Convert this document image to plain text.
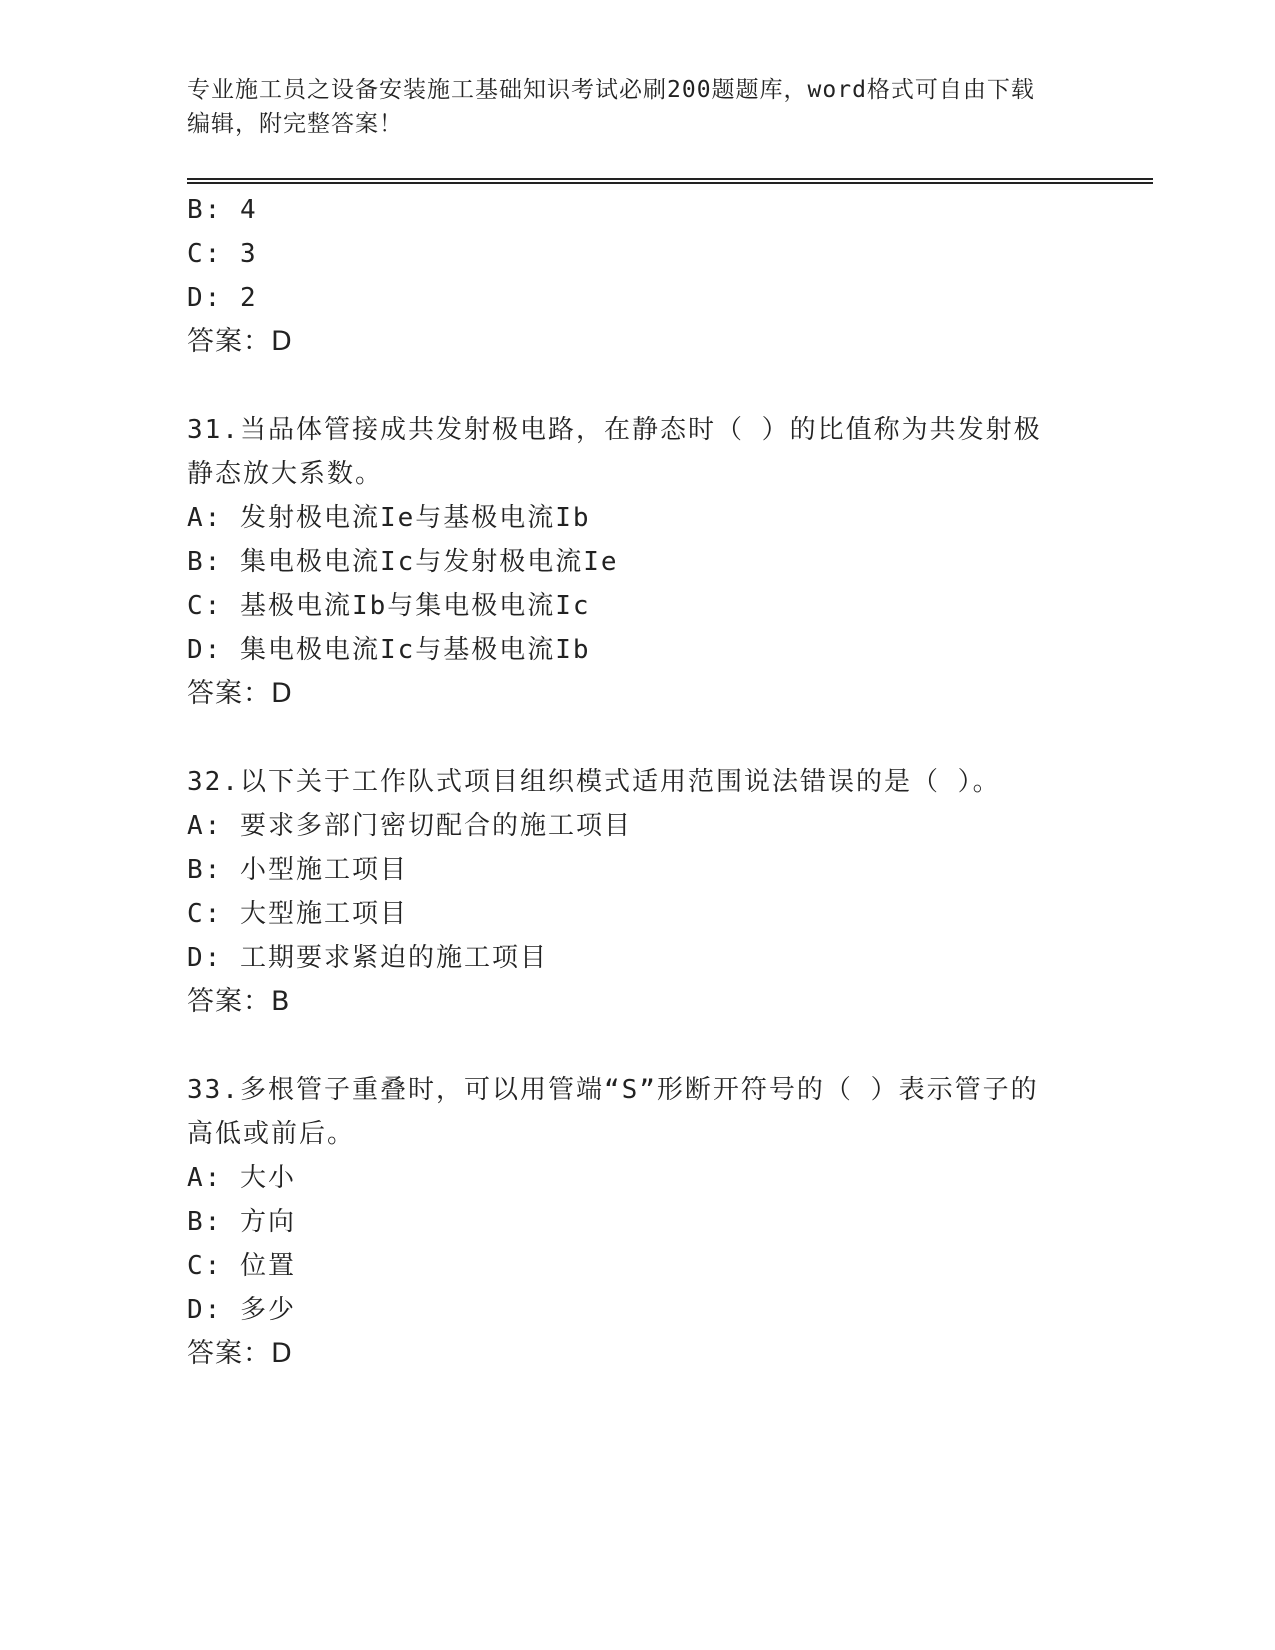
专业施工员之设备安装施工基础知识考试必刷200题题库，word格式可自由下载
编辑，附完整答案！
B: 4
C: 3
D: 2
答案：D
31.当品体管接成共发射极电路，在静态时（ ）的比值称为共发射极
静态放大系数。
A: 发射极电流Ie与基极电流Ib
B: 集电极电流Ic与发射极电流Ie
C: 基极电流Ib与集电极电流Ic
D: 集电极电流Ic与基极电流Ib
答案：D
32.以下关于工作队式项目组织模式适用范围说法错误的是（ ）。
A: 要求多部门密切配合的施工项目
B: 小型施工项目
C: 大型施工项目
D: 工期要求紧迫的施工项目
答案：B
33.多根管子重叠时，可以用管端“S”形断开符号的（ ）表示管子的
高低或前后。
A: 大小
B: 方向
C: 位置
D: 多少
答案：D
